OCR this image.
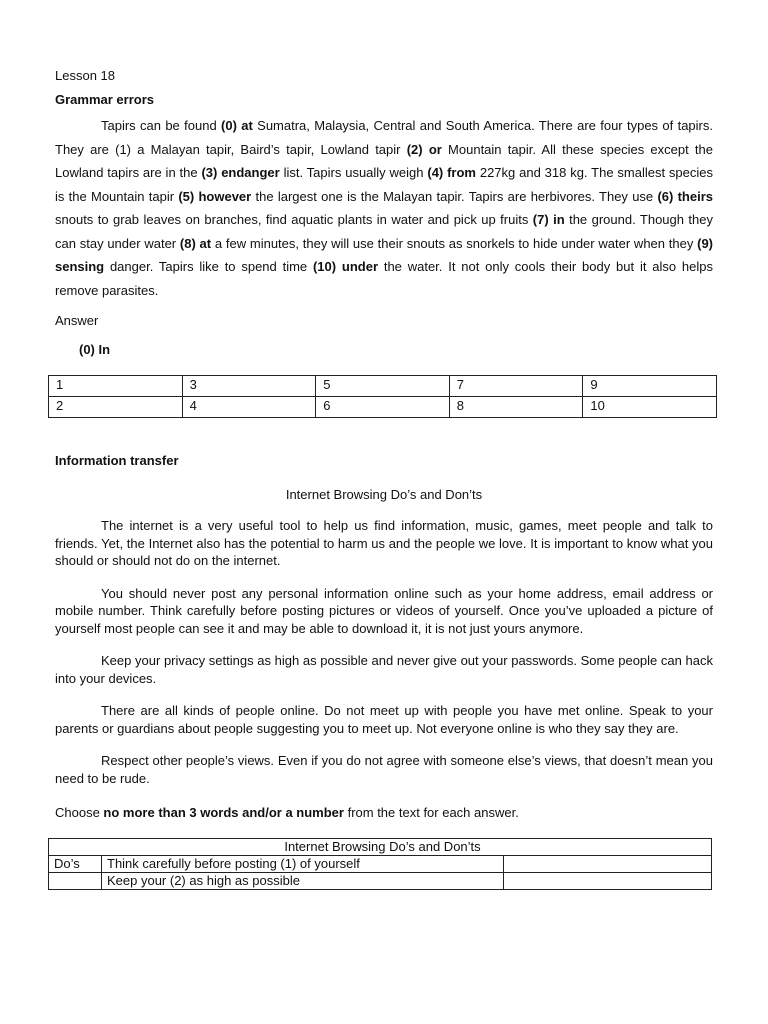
Lesson 18

Grammar errors

Tapirs can be found (0) at Sumatra, Malaysia, Central and South America. There are four types of tapirs. They are (1) a Malayan tapir, Baird’s tapir, Lowland tapir (2) or Mountain tapir. All these species except the Lowland tapirs are in the (3) endanger list. Tapirs usually weigh (4) from 227kg and 318 kg. The smallest species is the Mountain tapir (5) however the largest one is the Malayan tapir. Tapirs are herbivores. They use (6) theirs snouts to grab leaves on branches, find aquatic plants in water and pick up fruits (7) in the ground. Though they can stay under water (8) at a few minutes, they will use their snouts as snorkels to hide under water when they (9) sensing danger. Tapirs like to spend time (10) under the water. It not only cools their body but it also helps remove parasites.

Answer

(0) In

1	3	5	7	9
2	4	6	8	10

Information transfer

Internet Browsing Do’s and Don’ts

The internet is a very useful tool to help us find information, music, games, meet people and talk to friends. Yet, the Internet also has the potential to harm us and the people we love. It is important to know what you should or should not do on the internet.

You should never post any personal information online such as your home address, email address or mobile number. Think carefully before posting pictures or videos of yourself. Once you’ve uploaded a picture of yourself most people can see it and may be able to download it, it is not just yours anymore.

Keep your privacy settings as high as possible and never give out your passwords. Some people can hack into your devices.

There are all kinds of people online. Do not meet up with people you have met online. Speak to your parents or guardians about people suggesting you to meet up. Not everyone online is who they say they are.

Respect other people’s views. Even if you do not agree with someone else’s views, that doesn’t mean you need to be rude.

Choose no more than 3 words and/or a number from the text for each answer.

Internet Browsing Do’s and Don’ts		
Do’s	Think carefully before posting (1) of yourself	
	Keep your (2) as high as possible	
